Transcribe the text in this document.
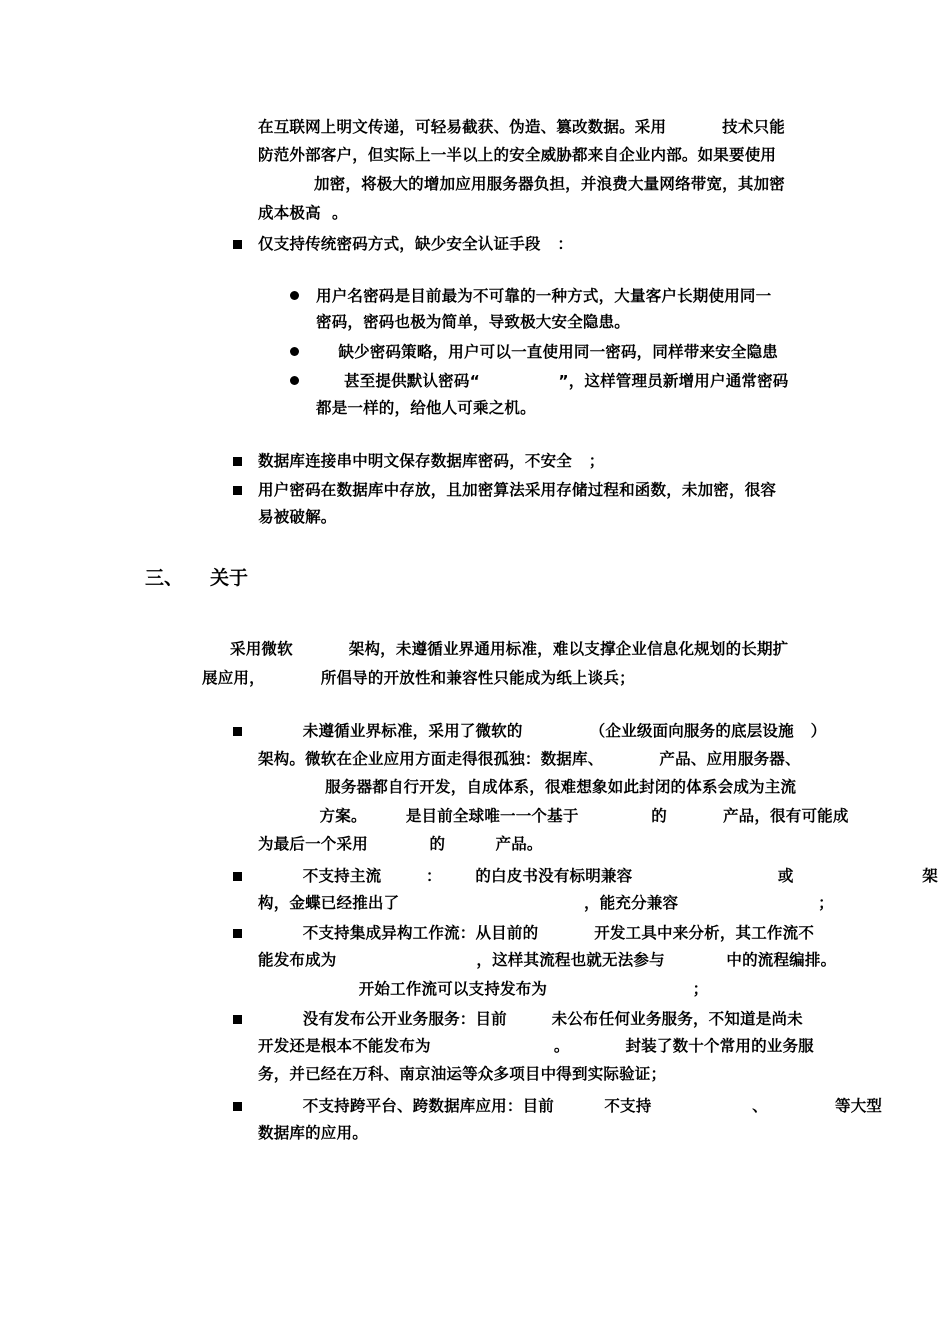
在互联网上明文传递，可轻易截获、伪造、篡改数据。采用          技术只能
防范外部客户，但实际上一半以上的安全威胁都来自企业内部。如果要使用
加密，将极大的增加应用服务器负担，并浪费大量网络带宽，其加密
成本极高  。
仅支持传统密码方式，缺少安全认证手段   ：
用户名密码是目前最为不可靠的一种方式，大量客户长期使用同一
密码，密码也极为简单，导致极大安全隐患。
缺少密码策略，用户可以一直使用同一密码，同样带来安全隐患
甚至提供默认密码“              ”，这样管理员新增用户通常密码
都是一样的，给他人可乘之机。
数据库连接串中明文保存数据库密码，不安全   ；
用户密码在数据库中存放，且加密算法采用存储过程和函数，未加密，很容
易被破解。
三、 关于
采用微软          架构，未遵循业界通用标准，难以支撑企业信息化规划的长期扩
展应用，          所倡导的开放性和兼容性只能成为纸上谈兵；
未遵循业界标准，采用了微软的            （企业级面向服务的底层设施   ）
架构。微软在企业应用方面走得很孤独：数据库、          产品、应用服务器、
服务器都自行开发，自成体系，很难想象如此封闭的体系会成为主流
方案。       是目前全球唯一一个基于             的          产品，很有可能成
为最后一个采用           的         产品。
不支持主流        ：      的白皮书没有标明兼容                          或                       架
构，金蝶已经推出了                                 ，能充分兼容                         ；
不支持集成异构工作流：从目前的          开发工具中来分析，其工作流不
能发布成为                         ，这样其流程也就无法参与           中的流程编排。
开始工作流可以支持发布为                          ；
没有发布公开业务服务：目前        未公布任何业务服务，不知道是尚未
开发还是根本不能发布为                      。          封装了数十个常用的业务服
务，并已经在万科、南京油运等众多项目中得到实际验证；
不支持跨平台、跨数据库应用：目前         不支持                  、            等大型
数据库的应用。
